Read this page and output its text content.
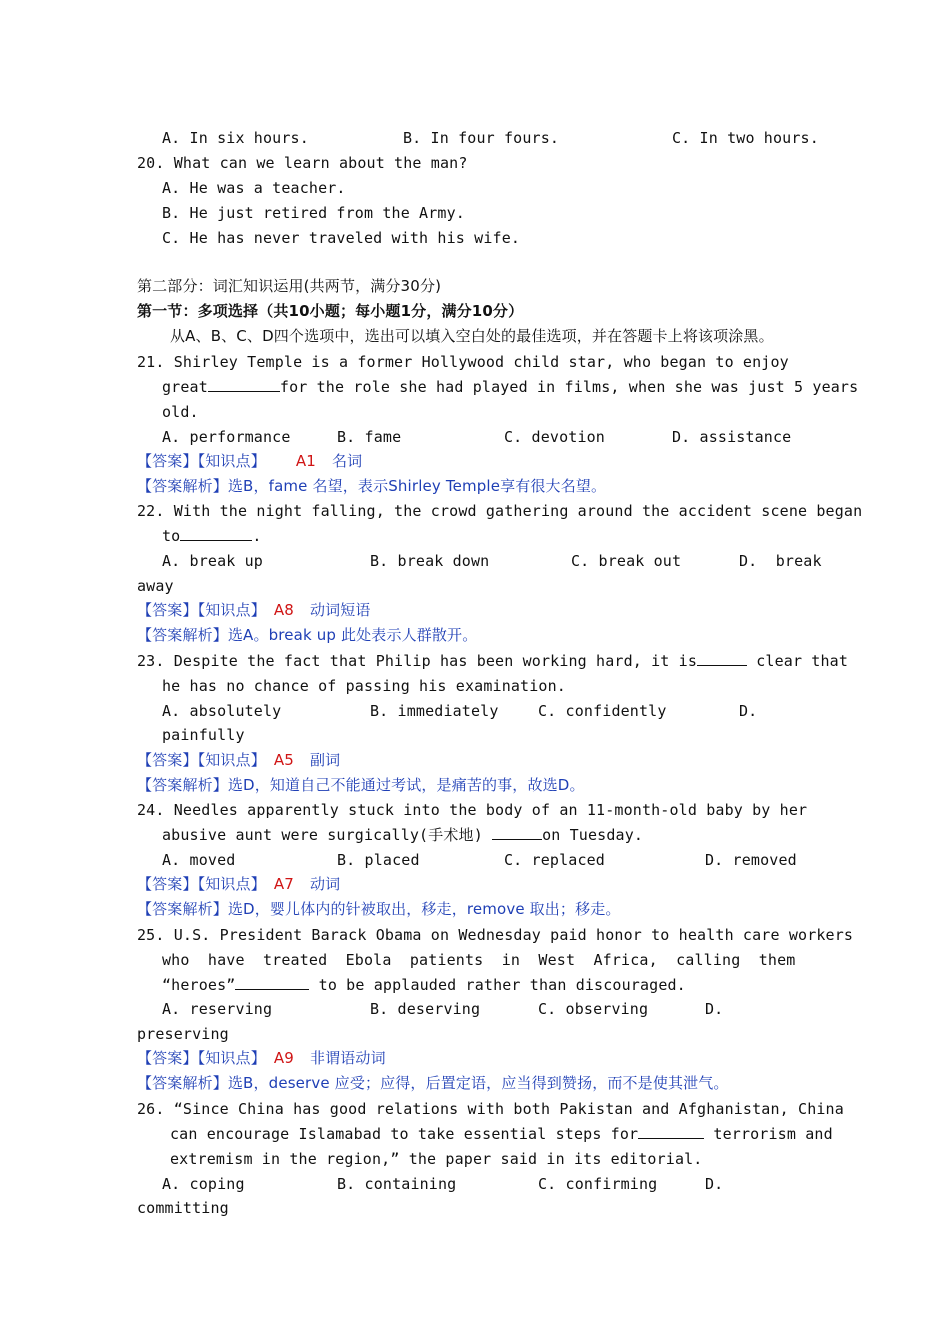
A. In six hours.	B. In four fours.	C. In two hours.
20. What can we learn about the man?
A. He was a teacher.
B. He just retired from the Army.
C. He has never traveled with his wife.
第二部分：词汇知识运用(共两节，满分30分)
第一节：多项选择（共10小题；每小题1分，满分10分）
从A、B、C、D四个选项中，选出可以填入空白处的最佳选项，并在答题卡上将该项涂黑。
21. Shirley Temple is a former Hollywood child star, who began to enjoy
great	for the role she had played in films, when she was just 5 years
old.
A. performance	B. fame	C. devotion	D. assistance
【答案】【知识点】 A1 名词
【答案解析】选B，fame 名望，表示Shirley Temple享有很大名望。
22. With the night falling, the crowd gathering around the accident scene began
to	.
A. break up	B. break down	C. break out	D.  break
away
【答案】【知识点】 A8 动词短语
【答案解析】选A。break up 此处表示人群散开。
23. Despite the fact that Philip has been working hard, it is	clear that
he has no chance of passing his examination.
A. absolutely	B. immediately	C. confidently	D.
painfully
【答案】【知识点】 A5 副词
【答案解析】选D，知道自己不能通过考试，是痛苦的事，故选D。
24. Needles apparently stuck into the body of an 11-month-old baby by her
abusive aunt were surgically(手术地)	on Tuesday.
A. moved	B. placed	C. replaced	D. removed
【答案】【知识点】 A7 动词
【答案解析】选D，婴儿体内的针被取出，移走，remove 取出；移走。
25. U.S. President Barack Obama on Wednesday paid honor to health care workers
who  have  treated  Ebola  patients  in  West  Africa,  calling  them
“heroes”	to be applauded rather than discouraged.
A. reserving	B. deserving	C. observing	D.
preserving
【答案】【知识点】 A9 非谓语动词
【答案解析】选B，deserve 应受；应得，后置定语，应当得到赞扬，而不是使其泄气。
26. “Since China has good relations with both Pakistan and Afghanistan, China
can encourage Islamabad to take essential steps for	terrorism and
extremism in the region,” the paper said in its editorial.
A. coping	B. containing	C. confirming	D.
committing
